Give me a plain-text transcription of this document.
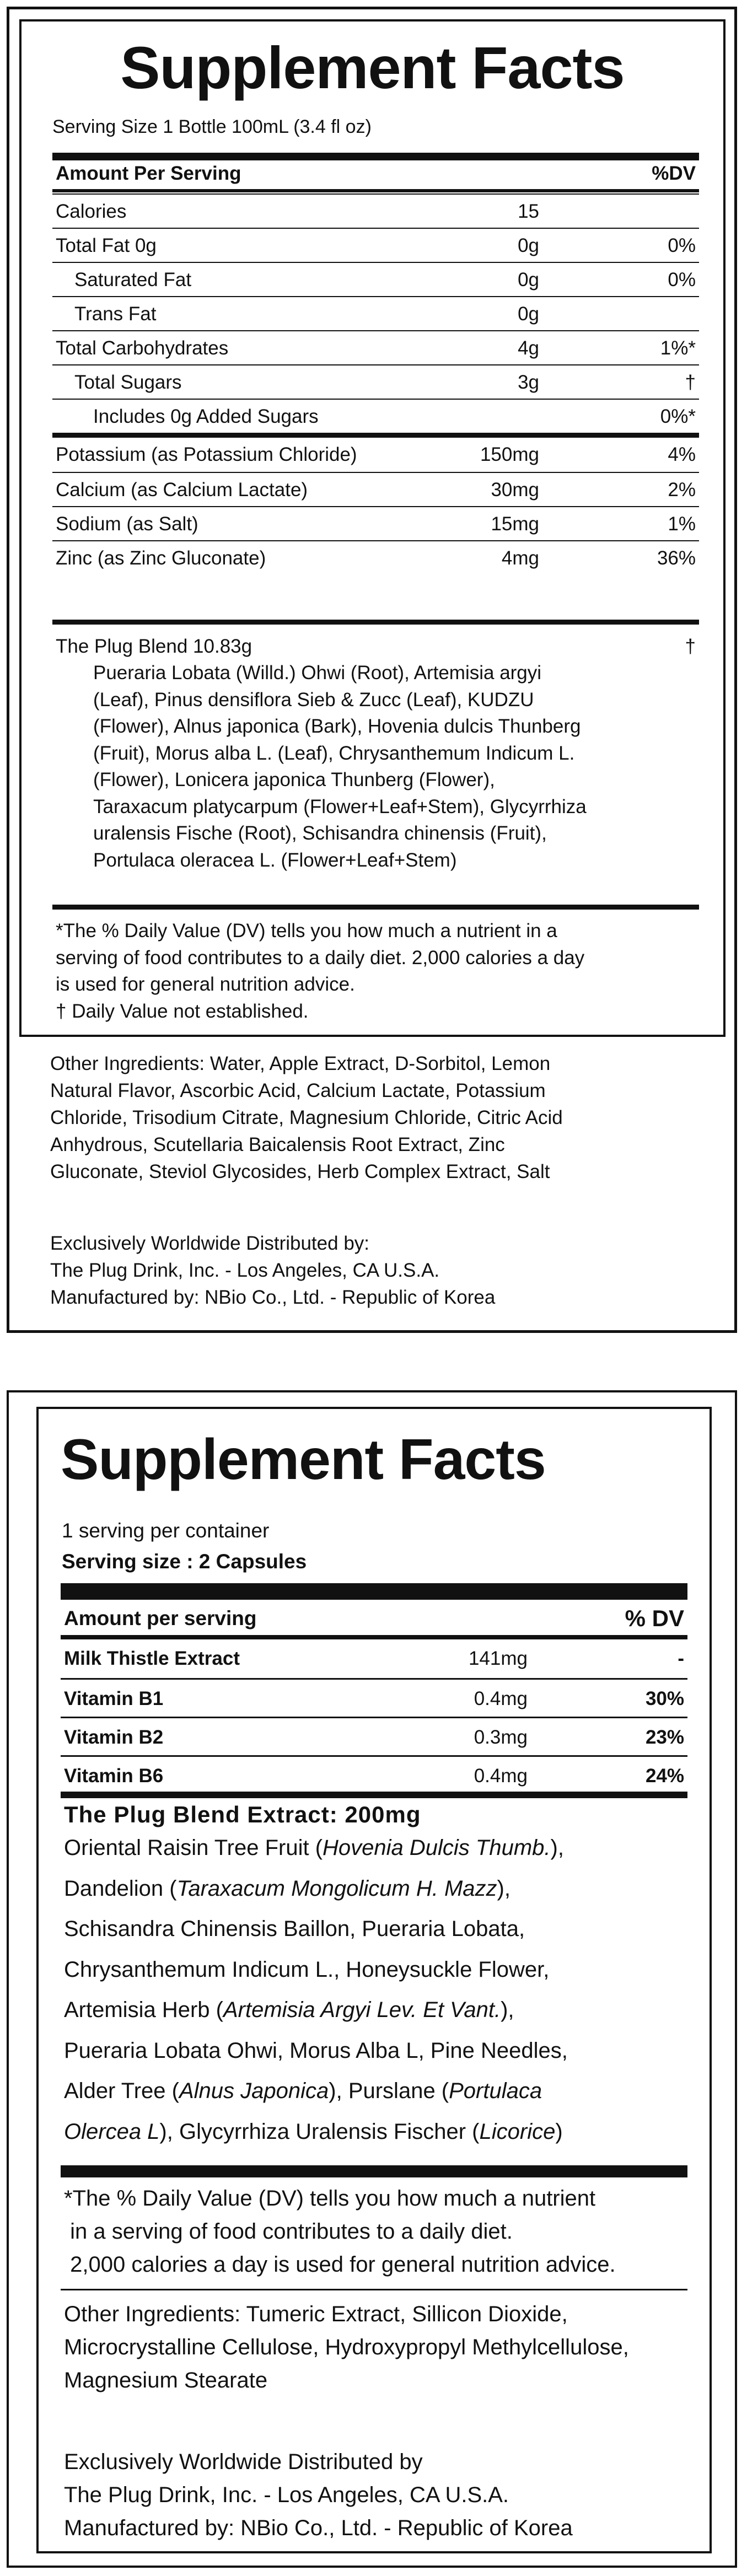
Supplement Facts
Serving Size 1 Bottle 100mL (3.4 fl oz)
Amount Per Serving	%DV
Calories	15
Total Fat 0g	0g	0%
Saturated Fat	0g	0%
Trans Fat	0g
Total Carbohydrates	4g	1%*
Total Sugars	3g	†
Includes 0g Added Sugars	0%*
Potassium (as Potassium Chloride)	150mg	4%
Calcium (as Calcium Lactate)	30mg	2%
Sodium (as Salt)	15mg	1%
Zinc (as Zinc Gluconate)	4mg	36%
The Plug Blend 10.83g	†
Pueraria Lobata (Willd.) Ohwi (Root), Artemisia argyi
(Leaf), Pinus densiflora Sieb & Zucc (Leaf), KUDZU
(Flower), Alnus japonica (Bark), Hovenia dulcis Thunberg
(Fruit), Morus alba L. (Leaf), Chrysanthemum Indicum L.
(Flower), Lonicera japonica Thunberg (Flower),
Taraxacum platycarpum (Flower+Leaf+Stem), Glycyrrhiza
uralensis Fische (Root), Schisandra chinensis (Fruit),
Portulaca oleracea L. (Flower+Leaf+Stem)
*The % Daily Value (DV) tells you how much a nutrient in a
serving of food contributes to a daily diet. 2,000 calories a day
is used for general nutrition advice.
† Daily Value not established.
Other Ingredients: Water, Apple Extract, D-Sorbitol, Lemon
Natural Flavor, Ascorbic Acid, Calcium Lactate, Potassium
Chloride, Trisodium Citrate, Magnesium Chloride, Citric Acid
Anhydrous, Scutellaria Baicalensis Root Extract, Zinc
Gluconate, Steviol Glycosides, Herb Complex Extract, Salt
Exclusively Worldwide Distributed by:
The Plug Drink, Inc. - Los Angeles, CA U.S.A.
Manufactured by: NBio Co., Ltd. - Republic of Korea
Supplement Facts
1 serving per container
Serving size : 2 Capsules
Amount per serving	% DV
Milk Thistle Extract	141mg	-
Vitamin B1	0.4mg	30%
Vitamin B2	0.3mg	23%
Vitamin B6	0.4mg	24%
The Plug Blend Extract: 200mg
Oriental Raisin Tree Fruit (Hovenia Dulcis Thumb.),
Dandelion (Taraxacum Mongolicum H. Mazz),
Schisandra Chinensis Baillon, Pueraria Lobata,
Chrysanthemum Indicum L., Honeysuckle Flower,
Artemisia Herb (Artemisia Argyi Lev. Et Vant.),
Pueraria Lobata Ohwi, Morus Alba L, Pine Needles,
Alder Tree (Alnus Japonica), Purslane (Portulaca
Olercea L), Glycyrrhiza Uralensis Fischer (Licorice)
*The % Daily Value (DV) tells you how much a nutrient
in a serving of food contributes to a daily diet.
2,000 calories a day is used for general nutrition advice.
Other Ingredients: Tumeric Extract, Sillicon Dioxide,
Microcrystalline Cellulose, Hydroxypropyl Methylcellulose,
Magnesium Stearate
Exclusively Worldwide Distributed by
The Plug Drink, Inc. - Los Angeles, CA U.S.A.
Manufactured by: NBio Co., Ltd. - Republic of Korea
